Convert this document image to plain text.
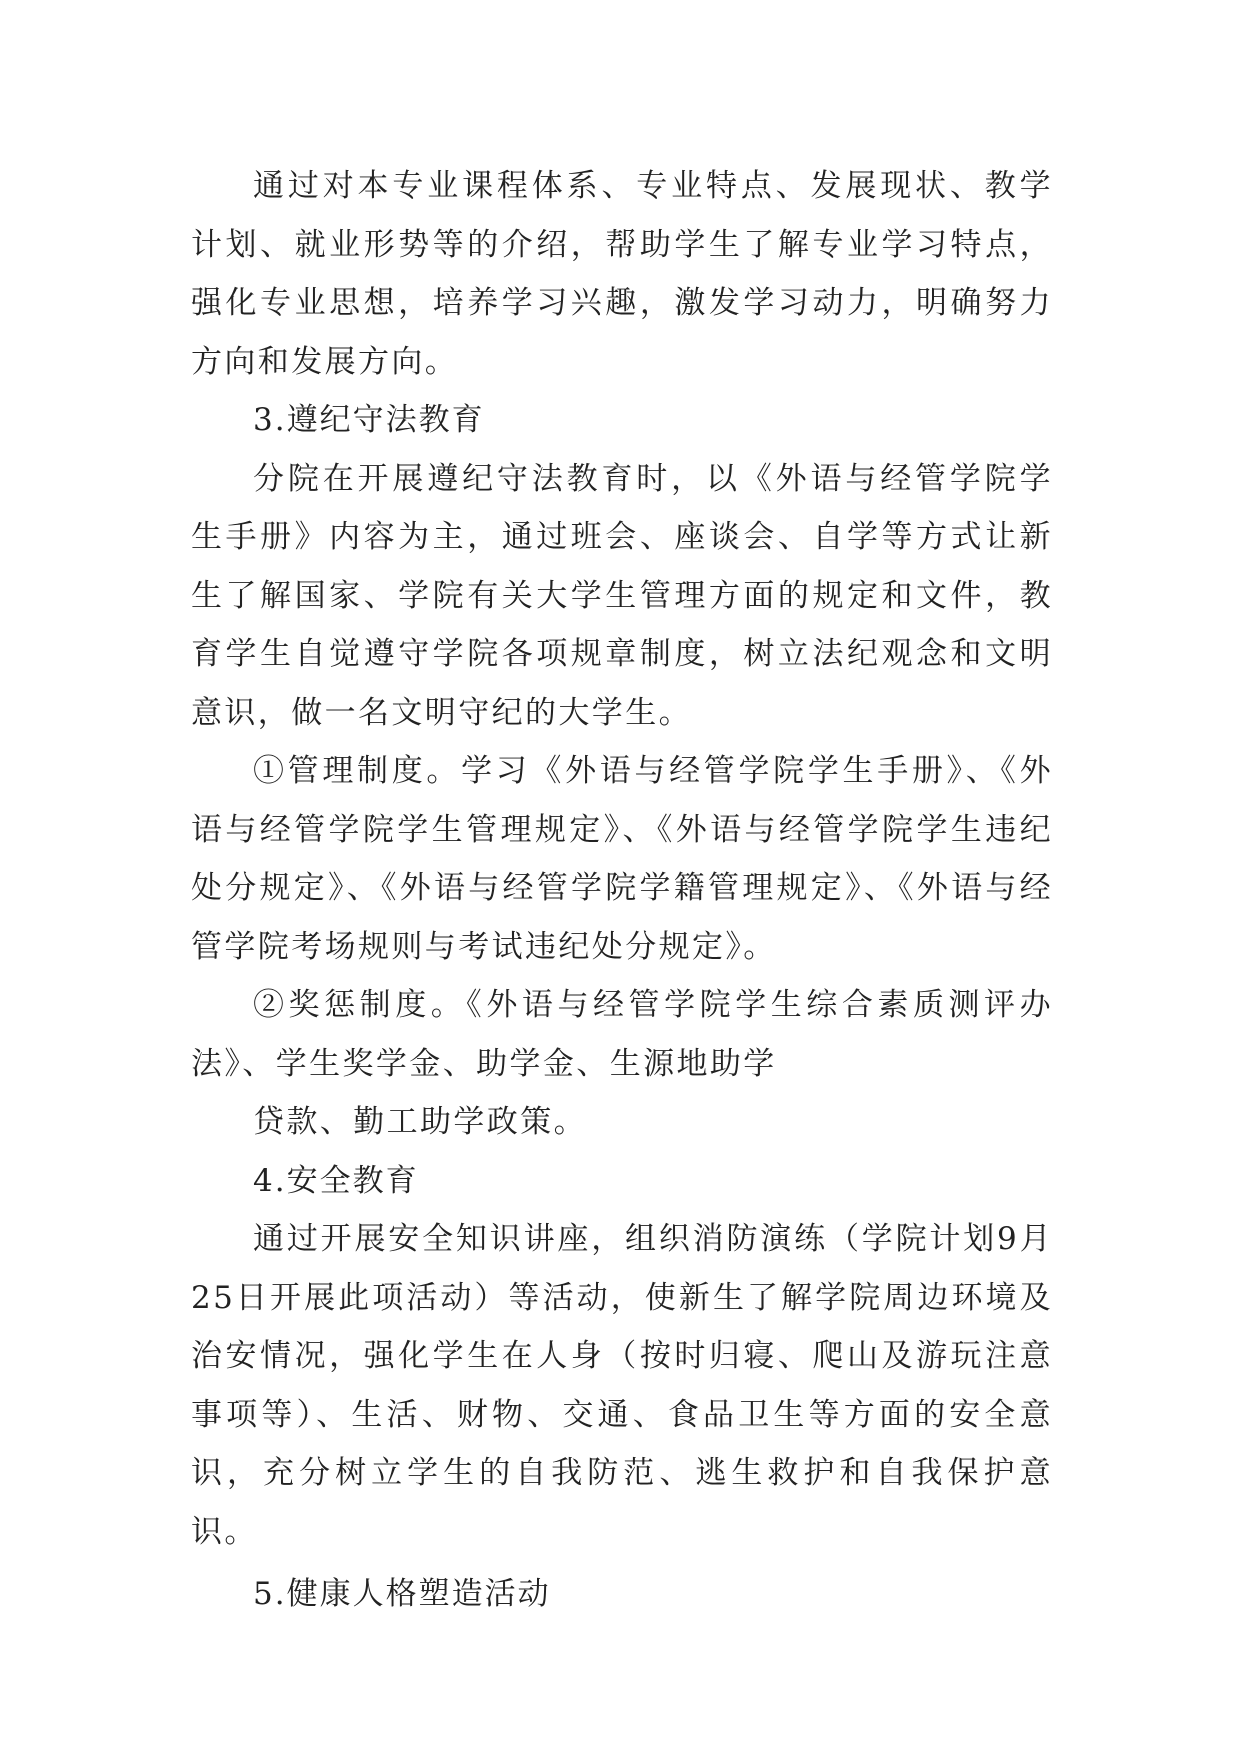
通过对本专业课程体系、专业特点、发展现状、教学计划、就业形势等的介绍，帮助学生了解专业学习特点，强化专业思想，培养学习兴趣，激发学习动力，明确努力方向和发展方向。

3.遵纪守法教育

分院在开展遵纪守法教育时，以《外语与经管学院学生手册》内容为主，通过班会、座谈会、自学等方式让新生了解国家、学院有关大学生管理方面的规定和文件，教育学生自觉遵守学院各项规章制度，树立法纪观念和文明意识，做一名文明守纪的大学生。

①管理制度。学习《外语与经管学院学生手册》、《外语与经管学院学生管理规定》、《外语与经管学院学生违纪处分规定》、《外语与经管学院学籍管理规定》、《外语与经管学院考场规则与考试违纪处分规定》。

②奖惩制度。《外语与经管学院学生综合素质测评办法》、学生奖学金、助学金、生源地助学

贷款、勤工助学政策。

4.安全教育

通过开展安全知识讲座，组织消防演练（学院计划9月25日开展此项活动）等活动，使新生了解学院周边环境及治安情况，强化学生在人身（按时归寝、爬山及游玩注意事项等）、生活、财物、交通、食品卫生等方面的安全意识，充分树立学生的自我防范、逃生救护和自我保护意识。

5.健康人格塑造活动
